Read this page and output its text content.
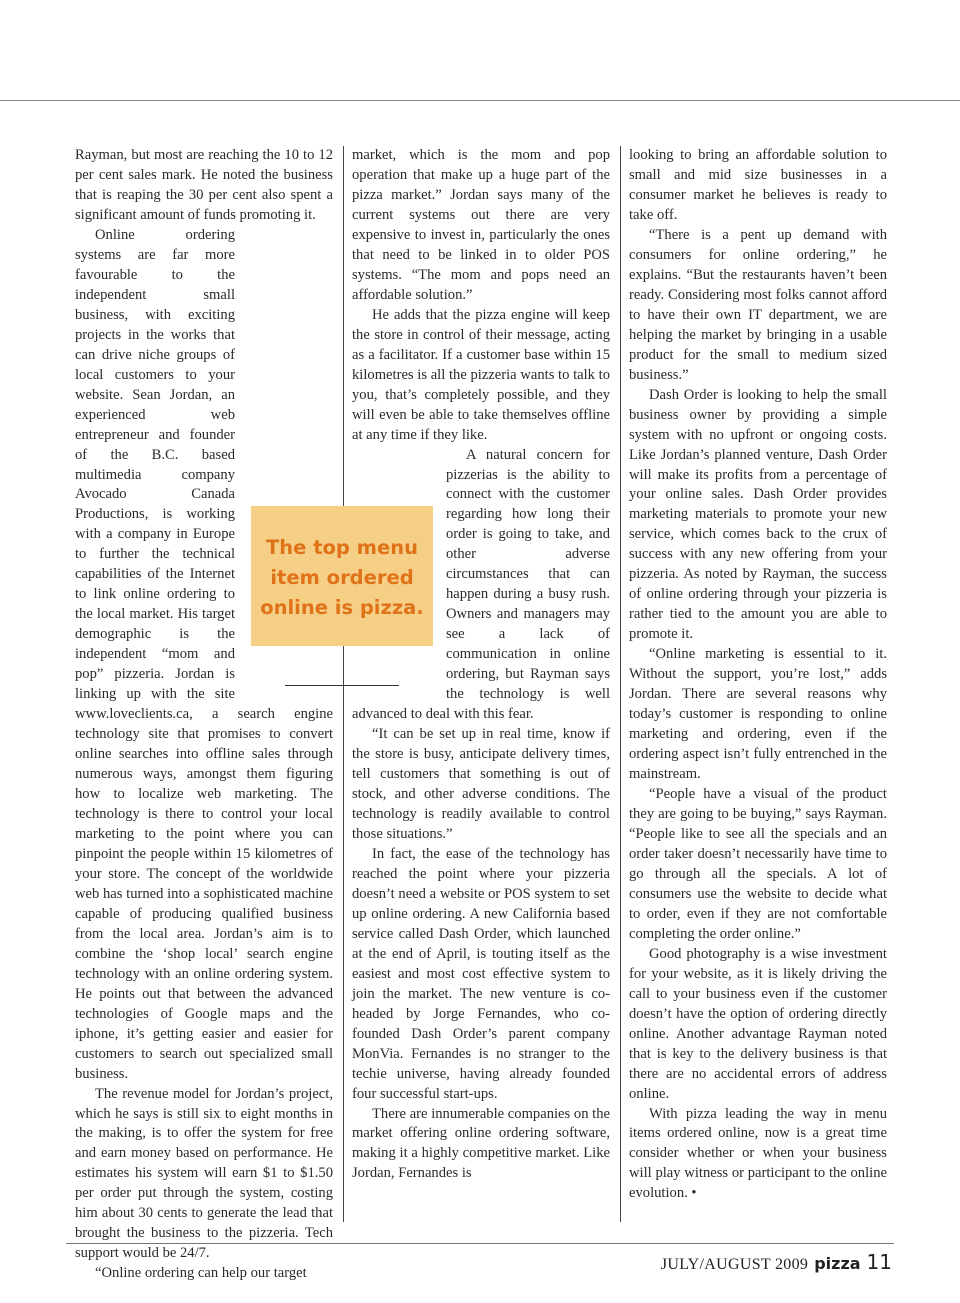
Rayman, but most are reaching the 10 to 12 per cent sales mark. He noted the business that is reaping the 30 per cent also spent a significant amount of funds promoting it.

Online ordering systems are far more favourable to the independent small business, with exciting projects in the works that can drive niche groups of local customers to your website. Sean Jordan, an experienced web entrepreneur and founder of the B.C. based multimedia company Avocado Canada Productions, is working with a company in Europe to further the technical capabilities of the Internet to link online ordering to the local market. His target demographic is the independent “mom and pop” pizzeria. Jordan is linking up with the site www.loveclients.ca, a search engine technology site that promises to convert online searches into offline sales through numerous ways, amongst them figuring how to localize web marketing. The technology is there to control your local marketing to the point where you can pinpoint the people within 15 kilometres of your store. The concept of the worldwide web has turned into a sophisticated machine capable of producing qualified business from the local area. Jordan’s aim is to combine the ‘shop local’ search engine technology with an online ordering system. He points out that between the advanced technologies of Google maps and the iphone, it’s getting easier and easier for customers to search out specialized small business.

The revenue model for Jordan’s project, which he says is still six to eight months in the making, is to offer the system for free and earn money based on performance. He estimates his system will earn $1 to $1.50 per order put through the system, costing him about 30 cents to generate the lead that brought the business to the pizzeria. Tech support would be 24/7.

“Online ordering can help our target

market, which is the mom and pop operation that make up a huge part of the pizza market.” Jordan says many of the current systems out there are very expensive to invest in, particularly the ones that need to be linked in to older POS systems. “The mom and pops need an affordable solution.”

He adds that the pizza engine will keep the store in control of their message, acting as a facilitator. If a customer base within 15 kilometres is all the pizzeria wants to talk to you, that’s completely possible, and they will even be able to take themselves offline at any time if they like.

A natural concern for pizzerias is the ability to connect with the customer regarding how long their order is going to take, and other adverse circumstances that can happen during a busy rush. Owners and managers may see a lack of communication in online ordering, but Rayman says the technology is well advanced to deal with this fear.

“It can be set up in real time, know if the store is busy, anticipate delivery times, tell customers that something is out of stock, and other adverse conditions. The technology is readily available to control those situations.”

In fact, the ease of the technology has reached the point where your pizzeria doesn’t need a website or POS system to set up online ordering. A new California based service called Dash Order, which launched at the end of April, is touting itself as the easiest and most cost effective system to join the market. The new venture is co-headed by Jorge Fernandes, who co-founded Dash Order’s parent company MonVia. Fernandes is no stranger to the techie universe, having already founded four successful start-ups.

There are innumerable companies on the market offering online ordering software, making it a highly competitive market. Like Jordan, Fernandes is

looking to bring an affordable solution to small and mid size businesses in a consumer market he believes is ready to take off.

“There is a pent up demand with consumers for online ordering,” he explains. “But the restaurants haven’t been ready. Considering most folks cannot afford to have their own IT department, we are helping the market by bringing in a usable product for the small to medium sized business.”

Dash Order is looking to help the small business owner by providing a simple system with no upfront or ongoing costs. Like Jordan’s planned venture, Dash Order will make its profits from a percentage of your online sales. Dash Order provides marketing materials to promote your new service, which comes back to the crux of success with any new offering from your pizzeria. As noted by Rayman, the success of online ordering through your pizzeria is rather tied to the amount you are able to promote it.

“Online marketing is essential to it. Without the support, you’re lost,” adds Jordan. There are several reasons why today’s customer is responding to online marketing and ordering, even if the ordering aspect isn’t fully entrenched in the mainstream.

“People have a visual of the product they are going to be buying,” says Rayman. “People like to see all the specials and an order taker doesn’t necessarily have time to go through all the specials. A lot of consumers use the website to decide what to order, even if they are not comfortable completing the order online.”

Good photography is a wise investment for your website, as it is likely driving the call to your business even if the customer doesn’t have the option of ordering directly online. Another advantage Rayman noted that is key to the delivery business is that there are no accidental errors of address online.

With pizza leading the way in menu items ordered online, now is a great time consider whether or when your business will play witness or participant to the online evolution. •

The top menu item ordered online is pizza.
JULY/AUGUST 2009 pizza 11
